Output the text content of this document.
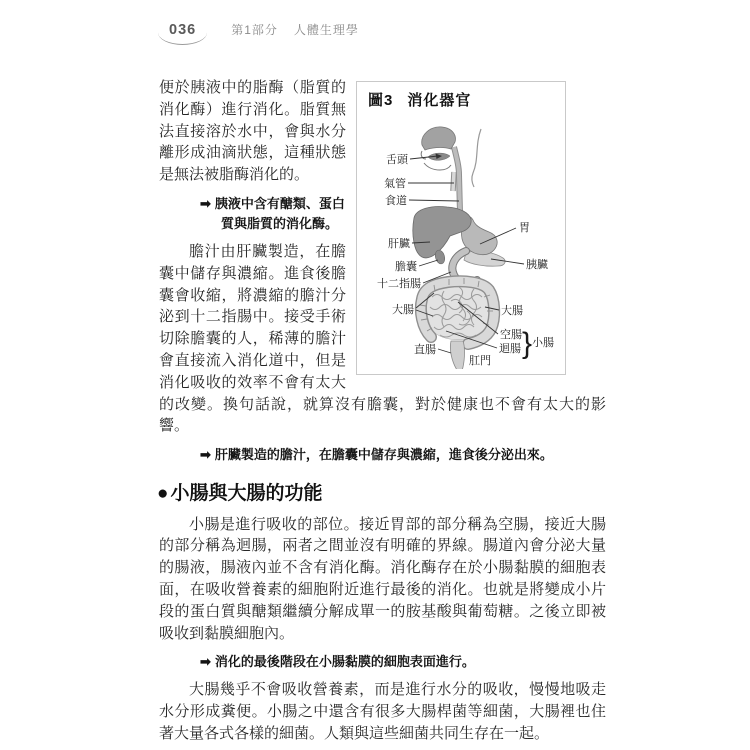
036	第1部分 人體生理學
圖3 消化器官
舌頭
氣管
食道
肝臟
膽囊
十二指腸
大腸
直腸
肛門
胃
胰臟
大腸
空腸
迴腸 } 小腸

便於胰液中的脂酶（脂質的消化酶）進行消化。脂質無法直接溶於水中，會與水分離形成油滴狀態，這種狀態是無法被脂酶消化的。

➡ 胰液中含有醣類、蛋白質與脂質的消化酶。

膽汁由肝臟製造，在膽囊中儲存與濃縮。進食後膽囊會收縮，將濃縮的膽汁分泌到十二指腸中。接受手術切除膽囊的人，稀薄的膽汁會直接流入消化道中，但是消化吸收的效率不會有太大的改變。換句話說，就算沒有膽囊，對於健康也不會有太大的影響。

➡ 肝臟製造的膽汁，在膽囊中儲存與濃縮，進食後分泌出來。

● 小腸與大腸的功能

小腸是進行吸收的部位。接近胃部的部分稱為空腸，接近大腸的部分稱為迴腸，兩者之間並沒有明確的界線。腸道內會分泌大量的腸液，腸液內並不含有消化酶。消化酶存在於小腸黏膜的細胞表面，在吸收營養素的細胞附近進行最後的消化。也就是將變成小片段的蛋白質與醣類繼續分解成單一的胺基酸與葡萄糖。之後立即被吸收到黏膜細胞內。

➡ 消化的最後階段在小腸黏膜的細胞表面進行。

大腸幾乎不會吸收營養素，而是進行水分的吸收，慢慢地吸走水分形成糞便。小腸之中還含有很多大腸桿菌等細菌，大腸裡也住著大量各式各樣的細菌。人類與這些細菌共同生存在一起。
